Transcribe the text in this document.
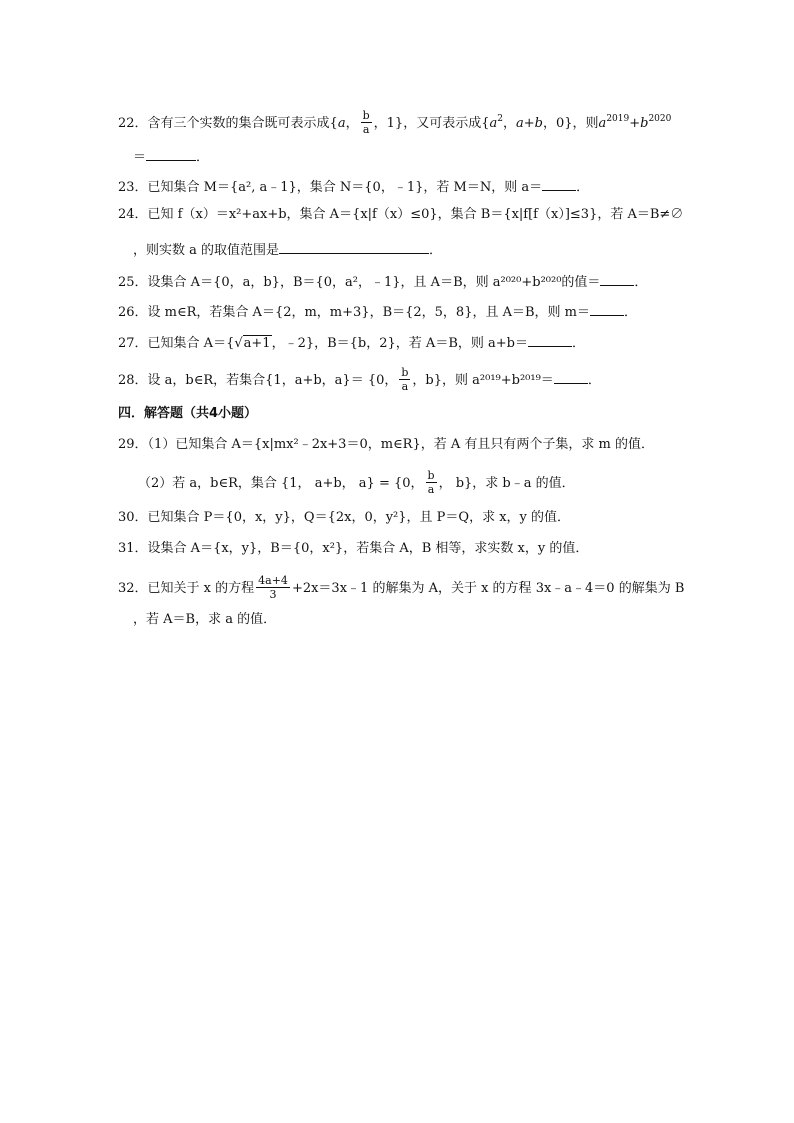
22．含有三个实数的集合既可表示成{a， $\frac{b}{a}$ ，1}，又可表示成{$a^2$，a+b，0}，则$a^{2019}+b^{2020}$
＝	．
23．已知集合 M＝{a², a﹣1}，集合 N＝{0，﹣1}，若 M＝N，则 a＝	．
24．已知 f（x）＝x²+ax+b，集合 A＝{x|f（x）≤0}，集合 B＝{x|f[f（x）]≤3}，若 A＝B≠∅
，则实数 a 的取值范围是	．
25．设集合 A＝{0，a，b}，B＝{0，a²，﹣1}，且 A＝B，则 a²⁰²⁰+b²⁰²⁰的值＝	．
26．设 m∈R，若集合 A＝{2，m，m+3}，B＝{2，5，8}，且 A＝B，则 m＝	．
27．已知集合 A＝{√a+1，﹣2}，B＝{b，2}，若 A＝B，则 a+b＝	．
28．设 a，b∈R，若集合{1，a+b，a}＝ {0， $\frac{b}{a}$ ，b}，则 a²⁰¹⁹+b²⁰¹⁹＝	．
四．解答题（共4小题）
29．（1）已知集合 A＝{x|mx²﹣2x+3＝0，m∈R}，若 A 有且只有两个子集，求 m 的值．
（2）若 a，b∈R，集合 {1， a+b， a} = {0， $\frac{b}{a}$ ， b}，求 b﹣a 的值．
30．已知集合 P＝{0，x，y}，Q＝{2x，0，y²}，且 P＝Q，求 x，y 的值．
31．设集合 A＝{x，y}，B＝{0，x²}，若集合 A，B 相等，求实数 x，y 的值．
32．已知关于 x 的方程 $\frac{4a+4}{3}$ +2x＝3x﹣1 的解集为 A，关于 x 的方程 3x﹣a﹣4＝0 的解集为 B
，若 A＝B，求 a 的值．
